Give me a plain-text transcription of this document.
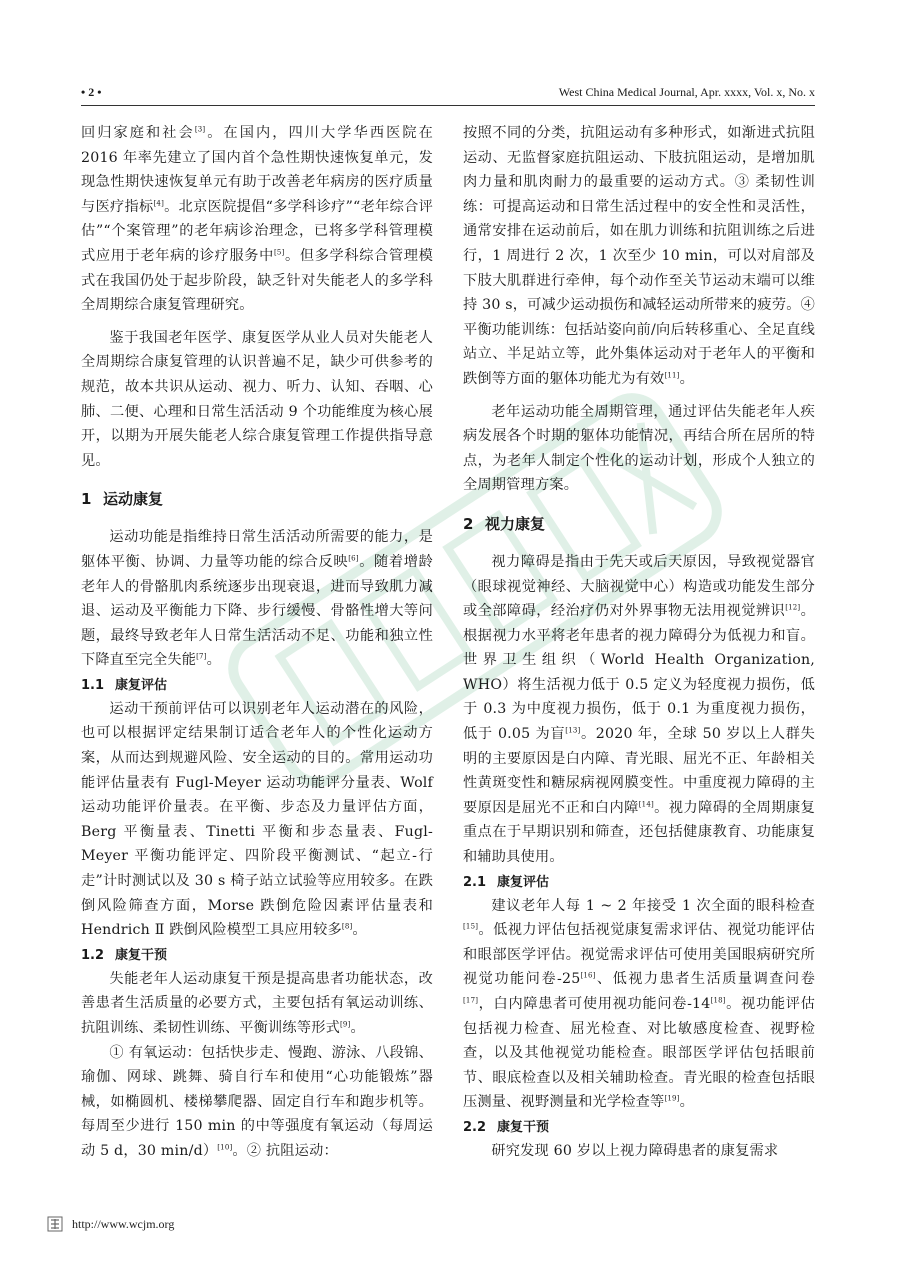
• 2 •	West China Medical Journal, Apr. xxxx, Vol. x, No. x

回归家庭和社会[3]。在国内，四川大学华西医院在 2016 年率先建立了国内首个急性期快速恢复单元，发现急性期快速恢复单元有助于改善老年病房的医疗质量与医疗指标[4]。北京医院提倡“多学科诊疗”“老年综合评估”“个案管理”的老年病诊治理念，已将多学科管理模式应用于老年病的诊疗服务中[5]。但多学科综合管理模式在我国仍处于起步阶段，缺乏针对失能老人的多学科全周期综合康复管理研究。

鉴于我国老年医学、康复医学从业人员对失能老人全周期综合康复管理的认识普遍不足，缺少可供参考的规范，故本共识从运动、视力、听力、认知、吞咽、心肺、二便、心理和日常生活活动 9 个功能维度为核心展开，以期为开展失能老人综合康复管理工作提供指导意见。

1 运动康复

运动功能是指维持日常生活活动所需要的能力，是躯体平衡、协调、力量等功能的综合反映[6]。随着增龄老年人的骨骼肌肉系统逐步出现衰退，进而导致肌力减退、运动及平衡能力下降、步行缓慢、骨骼性增大等问题，最终导致老年人日常生活活动不足、功能和独立性下降直至完全失能[7]。

1.1 康复评估

运动干预前评估可以识别老年人运动潜在的风险，也可以根据评定结果制订适合老年人的个性化运动方案，从而达到规避风险、安全运动的目的。常用运动功能评估量表有 Fugl-Meyer 运动功能评分量表、Wolf 运动功能评价量表。在平衡、步态及力量评估方面，Berg 平衡量表、Tinetti 平衡和步态量表、Fugl-Meyer 平衡功能评定、四阶段平衡测试、“起立-行走”计时测试以及 30 s 椅子站立试验等应用较多。在跌倒风险筛查方面，Morse 跌倒危险因素评估量表和 Hendrich Ⅱ 跌倒风险模型工具应用较多[8]。

1.2 康复干预

失能老年人运动康复干预是提高患者功能状态，改善患者生活质量的必要方式，主要包括有氧运动训练、抗阻训练、柔韧性训练、平衡训练等形式[9]。

① 有氧运动：包括快步走、慢跑、游泳、八段锦、瑜伽、网球、跳舞、骑自行车和使用“心功能锻炼”器械，如椭圆机、楼梯攀爬器、固定自行车和跑步机等。每周至少进行 150 min 的中等强度有氧运动（每周运动 5 d，30 min/d）[10]。② 抗阻运动：

按照不同的分类，抗阻运动有多种形式，如渐进式抗阻运动、无监督家庭抗阻运动、下肢抗阻运动，是增加肌肉力量和肌肉耐力的最重要的运动方式。③ 柔韧性训练：可提高运动和日常生活过程中的安全性和灵活性，通常安排在运动前后，如在肌力训练和抗阻训练之后进行，1 周进行 2 次，1 次至少 10 min，可以对肩部及下肢大肌群进行牵伸，每个动作至关节运动末端可以维持 30 s，可减少运动损伤和减轻运动所带来的疲劳。④ 平衡功能训练：包括站姿向前/向后转移重心、全足直线站立、半足站立等，此外集体运动对于老年人的平衡和跌倒等方面的躯体功能尤为有效[11]。

老年运动功能全周期管理，通过评估失能老年人疾病发展各个时期的躯体功能情况，再结合所在居所的特点，为老年人制定个性化的运动计划，形成个人独立的全周期管理方案。

2 视力康复

视力障碍是指由于先天或后天原因，导致视觉器官（眼球视觉神经、大脑视觉中心）构造或功能发生部分或全部障碍，经治疗仍对外界事物无法用视觉辨识[12]。根据视力水平将老年患者的视力障碍分为低视力和盲。世界卫生组织（World Health Organization, WHO）将生活视力低于 0.5 定义为轻度视力损伤，低于 0.3 为中度视力损伤，低于 0.1 为重度视力损伤，低于 0.05 为盲[13]。2020 年，全球 50 岁以上人群失明的主要原因是白内障、青光眼、屈光不正、年龄相关性黄斑变性和糖尿病视网膜变性。中重度视力障碍的主要原因是屈光不正和白内障[14]。视力障碍的全周期康复重点在于早期识别和筛查，还包括健康教育、功能康复和辅助具使用。

2.1 康复评估

建议老年人每 1 ~ 2 年接受 1 次全面的眼科检查[15]。低视力评估包括视觉康复需求评估、视觉功能评估和眼部医学评估。视觉需求评估可使用美国眼病研究所视觉功能问卷-25[16]、低视力患者生活质量调查问卷[17]，白内障患者可使用视功能问卷-14[18]。视功能评估包括视力检查、屈光检查、对比敏感度检查、视野检查，以及其他视觉功能检查。眼部医学评估包括眼前节、眼底检查以及相关辅助检查。青光眼的检查包括眼压测量、视野测量和光学检查等[19]。

2.2 康复干预

研究发现 60 岁以上视力障碍患者的康复需求

http://www.wcjm.org
